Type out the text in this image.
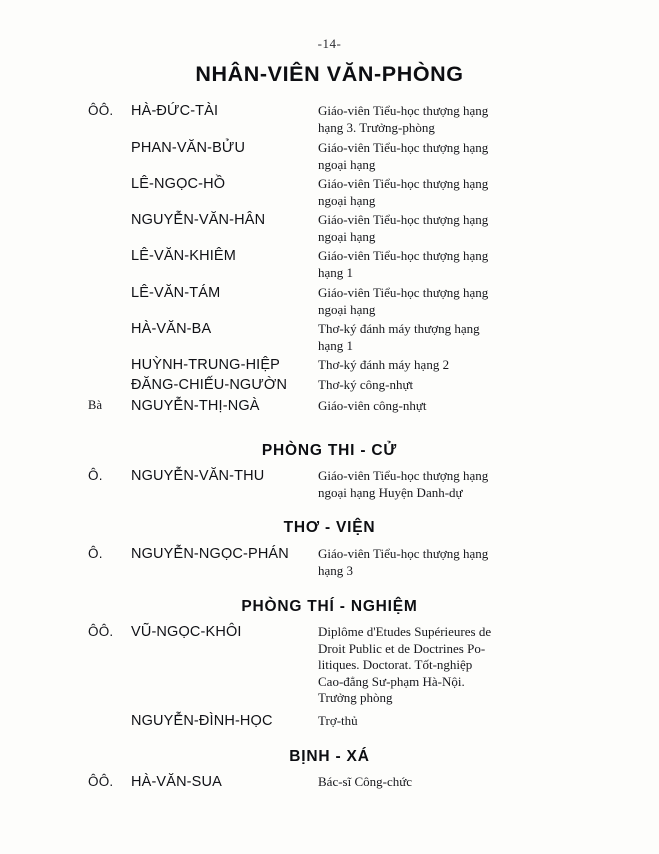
-14-
NHÂN-VIÊN VĂN-PHÒNG
ÔÔ.	HÀ-ĐỨC-TÀI	Giáo-viên Tiểu-học thượng hạng
hạng 3. Trưởng-phòng
PHAN-VĂN-BỬU	Giáo-viên Tiểu-học thượng hạng
ngoại hạng
LÊ-NGỌC-HỒ	Giáo-viên Tiểu-học thượng hạng
ngoại hạng
NGUYỄN-VĂN-HÂN	Giáo-viên Tiểu-học thượng hạng
ngoại hạng
LÊ-VĂN-KHIÊM	Giáo-viên Tiểu-học thượng hạng
hạng 1
LÊ-VĂN-TÁM	Giáo-viên Tiểu-học thượng hạng
ngoại hạng
HÀ-VĂN-BA	Thơ-ký đánh máy thượng hạng
hạng 1
HUỲNH-TRUNG-HIỆP	Thơ-ký đánh máy hạng 2
ĐĂNG-CHIẾU-NGƯỜN Thơ-ký công-nhựt
Bà	NGUYỄN-THỊ-NGÀ	Giáo-viên công-nhựt
PHÒNG THI - CỬ
Ô.	NGUYỄN-VĂN-THU	Giáo-viên Tiểu-học thượng hạng
ngoại hạng Huyện Danh-dự
THƠ - VIỆN
Ô.	NGUYỄN-NGỌC-PHÁN Giáo-viên Tiểu-học thượng hạng
hạng 3
PHÒNG THÍ - NGHIỆM
ÔÔ.	VŨ-NGỌC-KHÔI	Diplôme d'Etudes Supérieures de
Droit Public et de Doctrines Po-
litiques. Doctorat. Tốt-nghiệp
Cao-đẳng Sư-phạm Hà-Nội.
Trưởng phòng
NGUYỄN-ĐÌNH-HỌC	Trợ-thủ
BỊNH - XÁ
ÔÔ.	HÀ-VĂN-SUA	Bác-sĩ Công-chức
